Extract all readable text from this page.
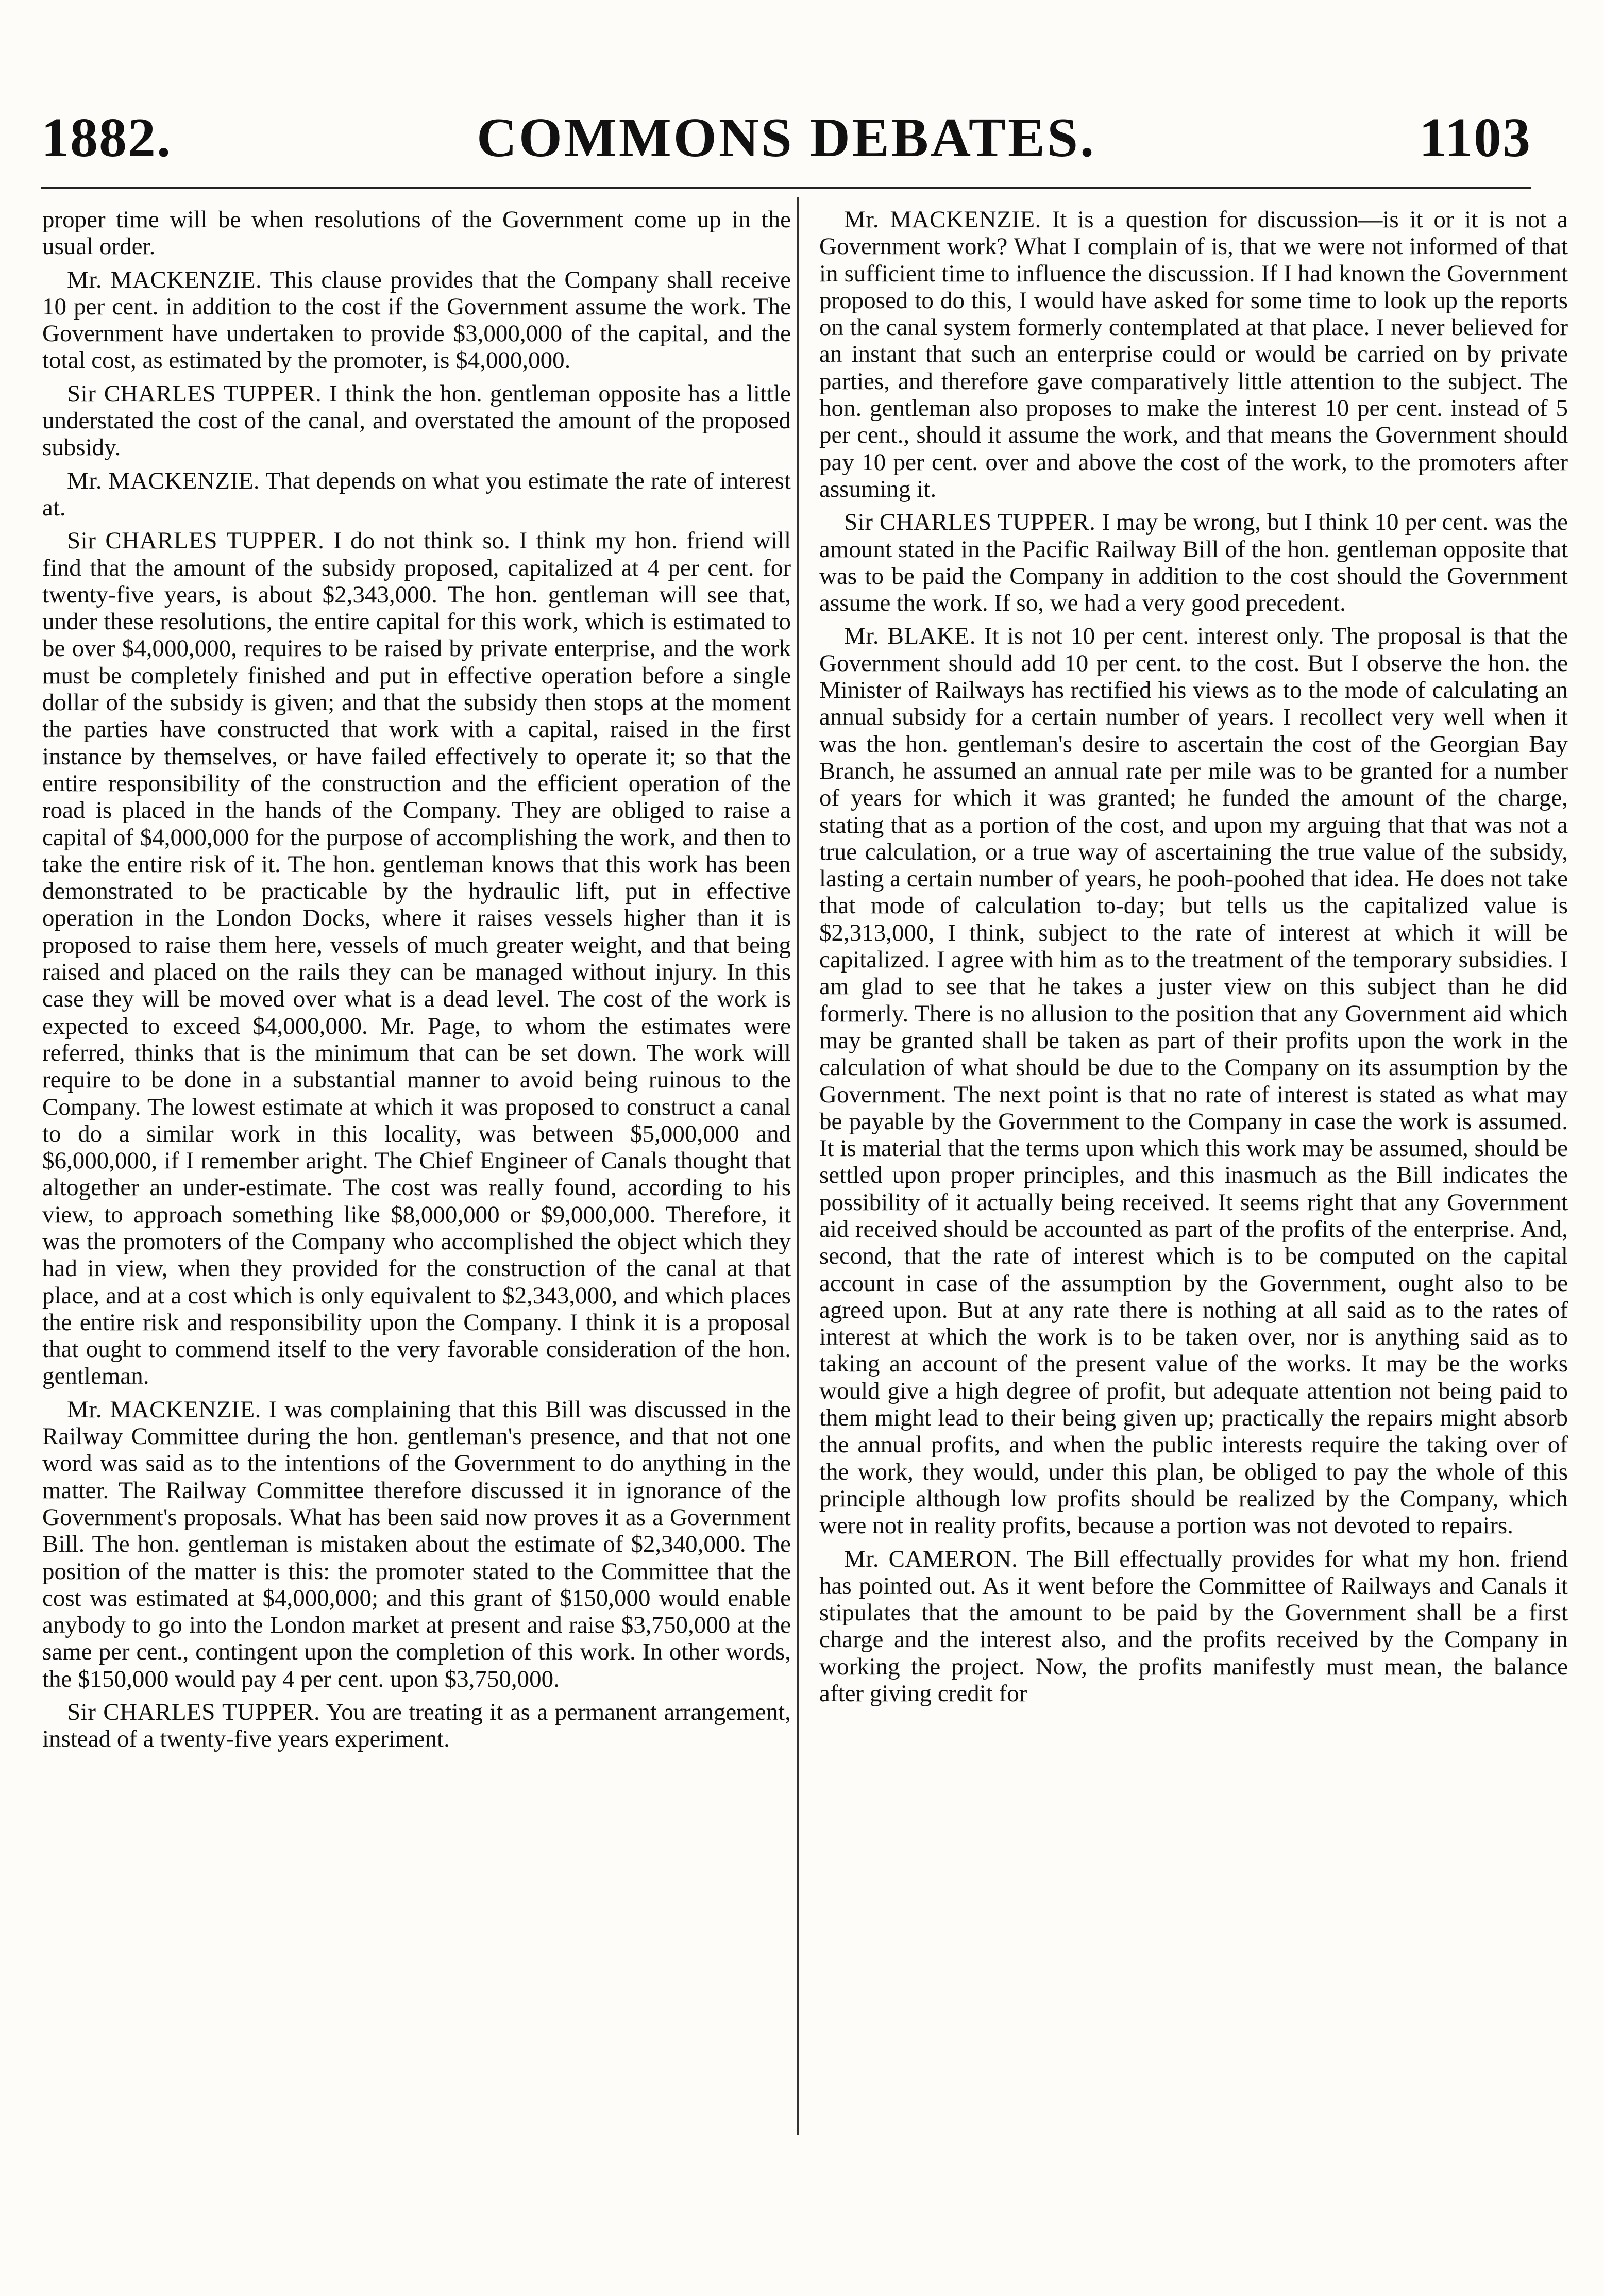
1882.	COMMONS DEBATES.	1103

proper time will be when resolutions of the Government come up in the usual order.

Mr. MACKENZIE. This clause provides that the Company shall receive 10 per cent. in addition to the cost if the Government assume the work. The Government have undertaken to provide $3,000,000 of the capital, and the total cost, as estimated by the promoter, is $4,000,000.

Sir CHARLES TUPPER. I think the hon. gentleman opposite has a little understated the cost of the canal, and overstated the amount of the proposed subsidy.

Mr. MACKENZIE. That depends on what you estimate the rate of interest at.

Sir CHARLES TUPPER. I do not think so. I think my hon. friend will find that the amount of the subsidy proposed, capitalized at 4 per cent. for twenty-five years, is about $2,343,000. The hon. gentleman will see that, under these resolutions, the entire capital for this work, which is estimated to be over $4,000,000, requires to be raised by private enterprise, and the work must be completely finished and put in effective operation before a single dollar of the subsidy is given; and that the subsidy then stops at the moment the parties have constructed that work with a capital, raised in the first instance by themselves, or have failed effectively to operate it; so that the entire responsibility of the construction and the efficient operation of the road is placed in the hands of the Company. They are obliged to raise a capital of $4,000,000 for the purpose of accomplishing the work, and then to take the entire risk of it. The hon. gentleman knows that this work has been demonstrated to be practicable by the hydraulic lift, put in effective operation in the London Docks, where it raises vessels higher than it is proposed to raise them here, vessels of much greater weight, and that being raised and placed on the rails they can be managed without injury. In this case they will be moved over what is a dead level. The cost of the work is expected to exceed $4,000,000. Mr. Page, to whom the estimates were referred, thinks that is the minimum that can be set down. The work will require to be done in a substantial manner to avoid being ruinous to the Company. The lowest estimate at which it was proposed to construct a canal to do a similar work in this locality, was between $5,000,000 and $6,000,000, if I remember aright. The Chief Engineer of Canals thought that altogether an under-estimate. The cost was really found, according to his view, to approach something like $8,000,000 or $9,000,000. Therefore, it was the promoters of the Company who accomplished the object which they had in view, when they provided for the construction of the canal at that place, and at a cost which is only equivalent to $2,343,000, and which places the entire risk and responsibility upon the Company. I think it is a proposal that ought to commend itself to the very favorable consideration of the hon. gentleman.

Mr. MACKENZIE. I was complaining that this Bill was discussed in the Railway Committee during the hon. gentleman's presence, and that not one word was said as to the intentions of the Government to do anything in the matter. The Railway Committee therefore discussed it in ignorance of the Government's proposals. What has been said now proves it as a Government Bill. The hon. gentleman is mistaken about the estimate of $2,340,000. The position of the matter is this: the promoter stated to the Committee that the cost was estimated at $4,000,000; and this grant of $150,000 would enable anybody to go into the London market at present and raise $3,750,000 at the same per cent., contingent upon the completion of this work. In other words, the $150,000 would pay 4 per cent. upon $3,750,000.

Sir CHARLES TUPPER. You are treating it as a permanent arrangement, instead of a twenty-five years experiment.

Mr. MACKENZIE. It is a question for discussion—is it or it is not a Government work? What I complain of is, that we were not informed of that in sufficient time to influence the discussion. If I had known the Government proposed to do this, I would have asked for some time to look up the reports on the canal system formerly contemplated at that place. I never believed for an instant that such an enterprise could or would be carried on by private parties, and therefore gave comparatively little attention to the subject. The hon. gentleman also proposes to make the interest 10 per cent. instead of 5 per cent., should it assume the work, and that means the Government should pay 10 per cent. over and above the cost of the work, to the promoters after assuming it.

Sir CHARLES TUPPER. I may be wrong, but I think 10 per cent. was the amount stated in the Pacific Railway Bill of the hon. gentleman opposite that was to be paid the Company in addition to the cost should the Government assume the work. If so, we had a very good precedent.

Mr. BLAKE. It is not 10 per cent. interest only. The proposal is that the Government should add 10 per cent. to the cost. But I observe the hon. the Minister of Railways has rectified his views as to the mode of calculating an annual subsidy for a certain number of years. I recollect very well when it was the hon. gentleman's desire to ascertain the cost of the Georgian Bay Branch, he assumed an annual rate per mile was to be granted for a number of years for which it was granted; he funded the amount of the charge, stating that as a portion of the cost, and upon my arguing that that was not a true calculation, or a true way of ascertaining the true value of the subsidy, lasting a certain number of years, he pooh-poohed that idea. He does not take that mode of calculation to-day; but tells us the capitalized value is $2,313,000, I think, subject to the rate of interest at which it will be capitalized. I agree with him as to the treatment of the temporary subsidies. I am glad to see that he takes a juster view on this subject than he did formerly. There is no allusion to the position that any Government aid which may be granted shall be taken as part of their profits upon the work in the calculation of what should be due to the Company on its assumption by the Government. The next point is that no rate of interest is stated as what may be payable by the Government to the Company in case the work is assumed. It is material that the terms upon which this work may be assumed, should be settled upon proper principles, and this inasmuch as the Bill indicates the possibility of it actually being received. It seems right that any Government aid received should be accounted as part of the profits of the enterprise. And, second, that the rate of interest which is to be computed on the capital account in case of the assumption by the Government, ought also to be agreed upon. But at any rate there is nothing at all said as to the rates of interest at which the work is to be taken over, nor is anything said as to taking an account of the present value of the works. It may be the works would give a high degree of profit, but adequate attention not being paid to them might lead to their being given up; practically the repairs might absorb the annual profits, and when the public interests require the taking over of the work, they would, under this plan, be obliged to pay the whole of this principle although low profits should be realized by the Company, which were not in reality profits, because a portion was not devoted to repairs.

Mr. CAMERON. The Bill effectually provides for what my hon. friend has pointed out. As it went before the Committee of Railways and Canals it stipulates that the amount to be paid by the Government shall be a first charge and the interest also, and the profits received by the Company in working the project. Now, the profits manifestly must mean, the balance after giving credit for
